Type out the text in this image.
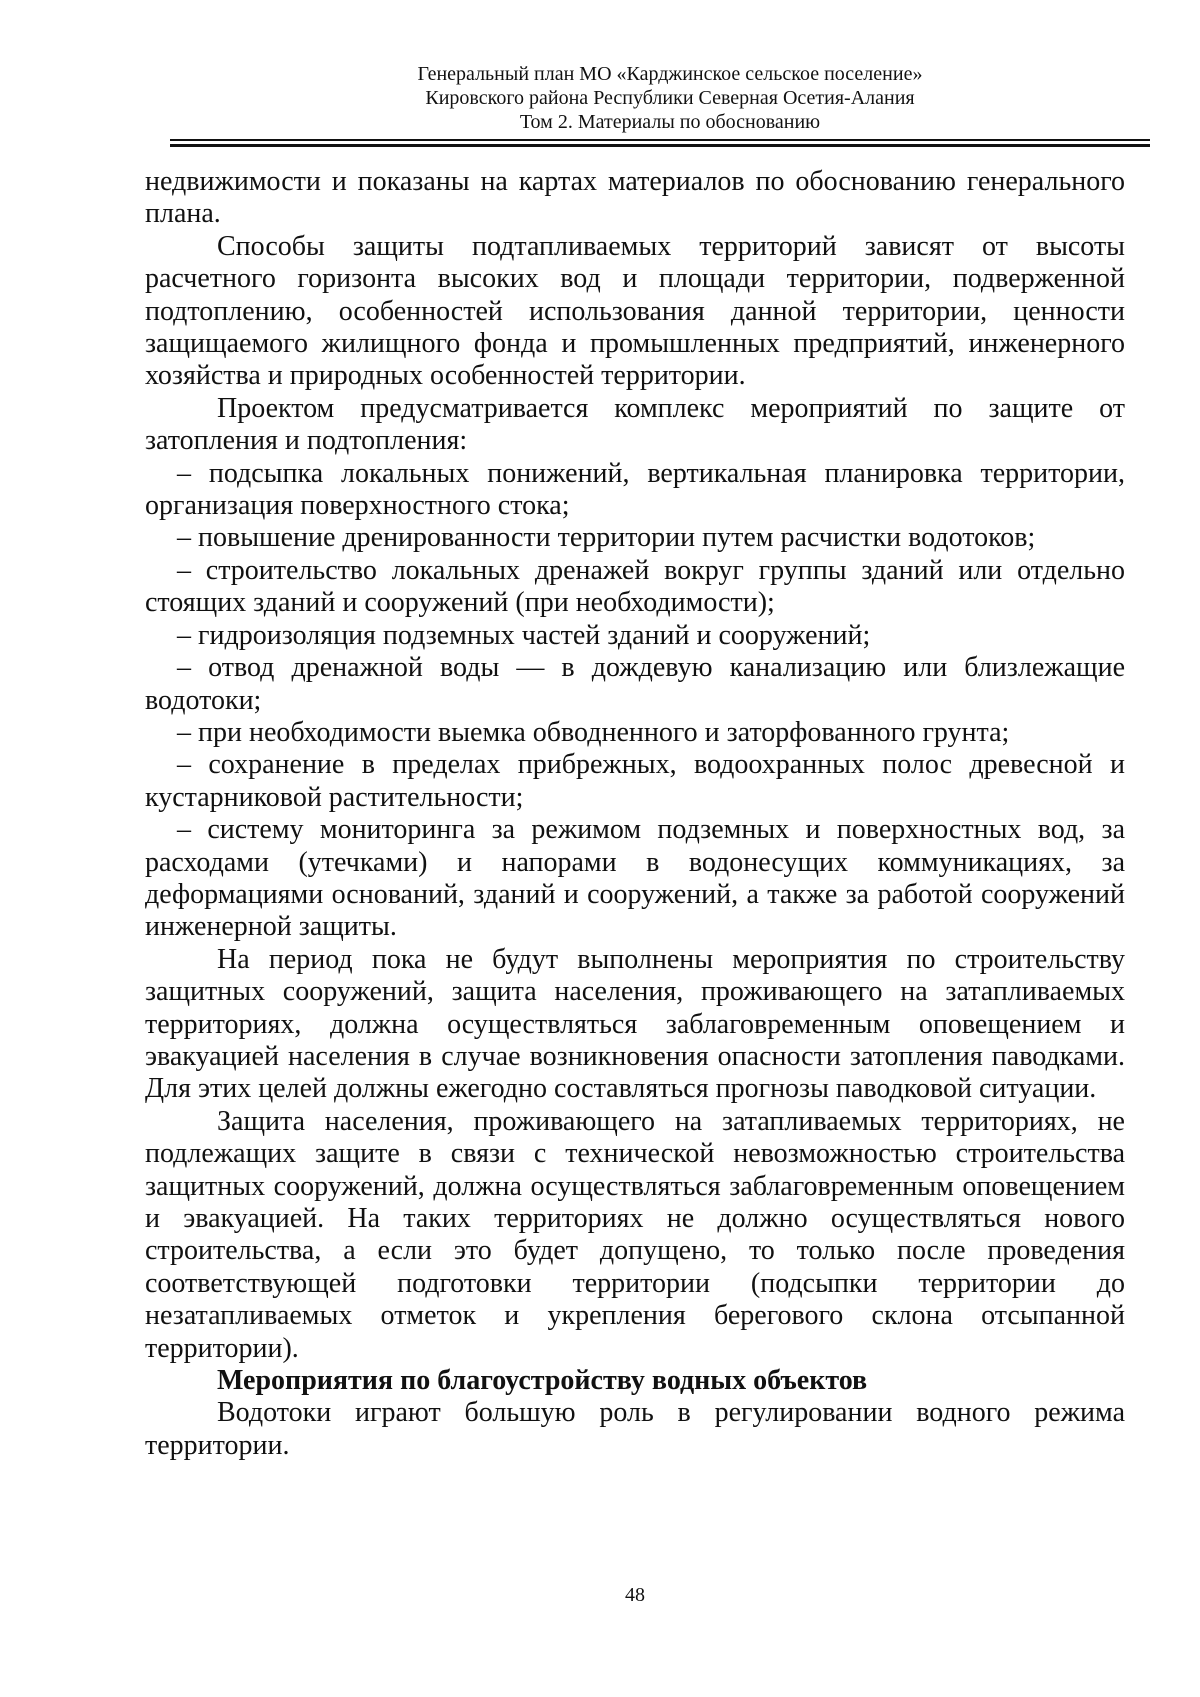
Генеральный план МО «Карджинское сельское поселение»
Кировского района Республики Северная Осетия-Алания
Том 2. Материалы по обоснованию

недвижимости и показаны на картах материалов по обоснованию генерального плана.

Способы защиты подтапливаемых территорий зависят от высоты расчетного горизонта высоких вод и площади территории, подверженной подтоплению, особенностей использования данной территории, ценности защищаемого жилищного фонда и промышленных предприятий, инженерного хозяйства и природных особенностей территории.

Проектом предусматривается комплекс мероприятий по защите от затопления и подтопления:

– подсыпка локальных понижений, вертикальная планировка территории, организация поверхностного стока;

– повышение дренированности территории путем расчистки водотоков;

– строительство локальных дренажей вокруг группы зданий или отдельно стоящих зданий и сооружений (при необходимости);

– гидроизоляция подземных частей зданий и сооружений;

– отвод дренажной воды — в дождевую канализацию или близлежащие водотоки;

– при необходимости выемка обводненного и заторфованного грунта;

– сохранение в пределах прибрежных, водоохранных полос древесной и кустарниковой растительности;

– систему мониторинга за режимом подземных и поверхностных вод, за расходами (утечками) и напорами в водонесущих коммуникациях, за деформациями оснований, зданий и сооружений, а также за работой сооружений инженерной защиты.

На период пока не будут выполнены мероприятия по строительству защитных сооружений, защита населения, проживающего на затапливаемых территориях, должна осуществляться заблаговременным оповещением и эвакуацией населения в случае возникновения опасности затопления паводками. Для этих целей должны ежегодно составляться прогнозы паводковой ситуации.

Защита населения, проживающего на затапливаемых территориях, не подлежащих защите в связи с технической невозможностью строительства защитных сооружений, должна осуществляться заблаговременным оповещением и эвакуацией. На таких территориях не должно осуществляться нового строительства, а если это будет допущено, то только после проведения соответствующей подготовки территории (подсыпки территории до незатапливаемых отметок и укрепления берегового склона отсыпанной территории).

Мероприятия по благоустройству водных объектов

Водотоки играют большую роль в регулировании водного режима территории.

48
